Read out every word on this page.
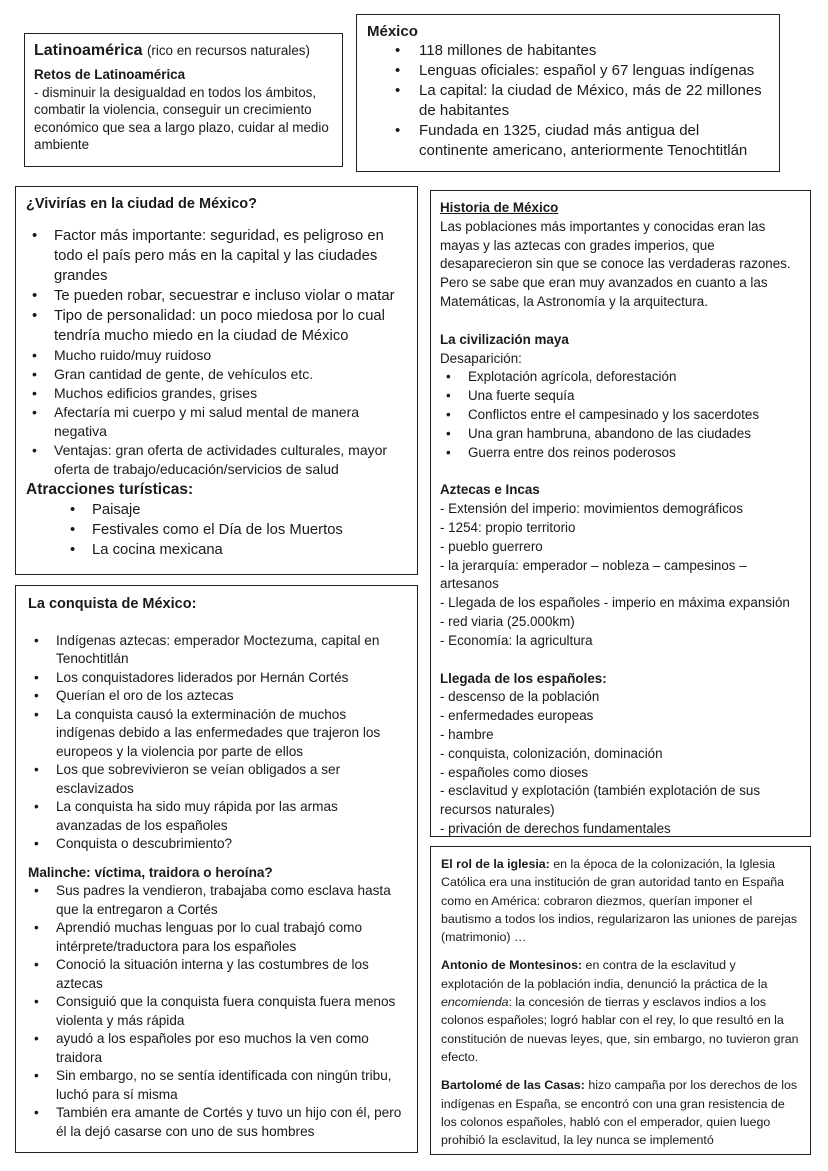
Latinoamérica (rico en recursos naturales)
Retos de Latinoamérica
- disminuir la desigualdad en todos los ámbitos, combatir la violencia, conseguir un crecimiento económico que sea a largo plazo, cuidar al medio ambiente
México
• 118 millones de habitantes
• Lenguas oficiales: español y 67 lenguas indígenas
• La capital: la ciudad de México, más de 22 millones de habitantes
• Fundada en 1325, ciudad más antigua del continente americano, anteriormente Tenochtitlán
¿Vivirías en la ciudad de México?
• Factor más importante: seguridad, es peligroso en todo el país pero más en la capital y las ciudades grandes
• Te pueden robar, secuestrar e incluso violar o matar
• Tipo de personalidad: un poco miedosa por lo cual tendría mucho miedo en la ciudad de México
• Mucho ruido/muy ruidoso
• Gran cantidad de gente, de vehículos etc.
• Muchos edificios grandes, grises
• Afectaría mi cuerpo y mi salud mental de manera negativa
• Ventajas: gran oferta de actividades culturales, mayor oferta de trabajo/educación/servicios de salud
Atracciones turísticas:
• Paisaje
• Festivales como el Día de los Muertos
• La cocina mexicana
La conquista de México:
• Indígenas aztecas: emperador Moctezuma, capital en Tenochtitlán
• Los conquistadores liderados por Hernán Cortés
• Querían el oro de los aztecas
• La conquista causó la exterminación de muchos indígenas debido a las enfermedades que trajeron los europeos y la violencia por parte de ellos
• Los que sobrevivieron se veían obligados a ser esclavizados
• La conquista ha sido muy rápida por las armas avanzadas de los españoles
• Conquista o descubrimiento?
Malinche: víctima, traidora o heroína?
• Sus padres la vendieron, trabajaba como esclava hasta que la entregaron a Cortés
• Aprendió muchas lenguas por lo cual trabajó como intérprete/traductora para los españoles
• Conoció la situación interna y las costumbres de los aztecas
• Consiguió que la conquista fuera conquista fuera menos violenta y más rápida
• ayudó a los españoles por eso muchos la ven como traidora
• Sin embargo, no se sentía identificada con ningún tribu, luchó para sí misma
• También era amante de Cortés y tuvo un hijo con él, pero él la dejó casarse con uno de sus hombres
Historia de México
Las poblaciones más importantes y conocidas eran las mayas y las aztecas con grades imperios, que desaparecieron sin que se conoce las verdaderas razones. Pero se sabe que eran muy avanzados en cuanto a las Matemáticas, la Astronomía y la arquitectura.
La civilización maya
Desaparición:
• Explotación agrícola, deforestación
• Una fuerte sequía
• Conflictos entre el campesinado y los sacerdotes
• Una gran hambruna, abandono de las ciudades
• Guerra entre dos reinos poderosos
Aztecas e Incas
- Extensión del imperio: movimientos demográficos
- 1254: propio territorio
- pueblo guerrero
- la jerarquía: emperador – nobleza – campesinos – artesanos
- Llegada de los españoles - imperio en máxima expansión
- red viaria (25.000km)
- Economía: la agricultura
Llegada de los españoles:
- descenso de la población
- enfermedades europeas
- hambre
- conquista, colonización, dominación
- españoles como dioses
- esclavitud y explotación (también explotación de sus recursos naturales)
- privación de derechos fundamentales

El rol de la iglesia: en la época de la colonización, la Iglesia Católica era una institución de gran autoridad tanto en España como en América: cobraron diezmos, querían imponer el bautismo a todos los indios, regularizaron las uniones de parejas (matrimonio) …

Antonio de Montesinos: en contra de la esclavitud y explotación de la población india, denunció la práctica de la encomienda: la concesión de tierras y esclavos indios a los colonos españoles; logró hablar con el rey, lo que resultó en la constitución de nuevas leyes, que, sin embargo, no tuvieron gran efecto.

Bartolomé de las Casas: hizo campaña por los derechos de los indígenas en España, se encontró con una gran resistencia de los colonos españoles, habló con el emperador, quien luego prohibió la esclavitud, la ley nunca se implementó
